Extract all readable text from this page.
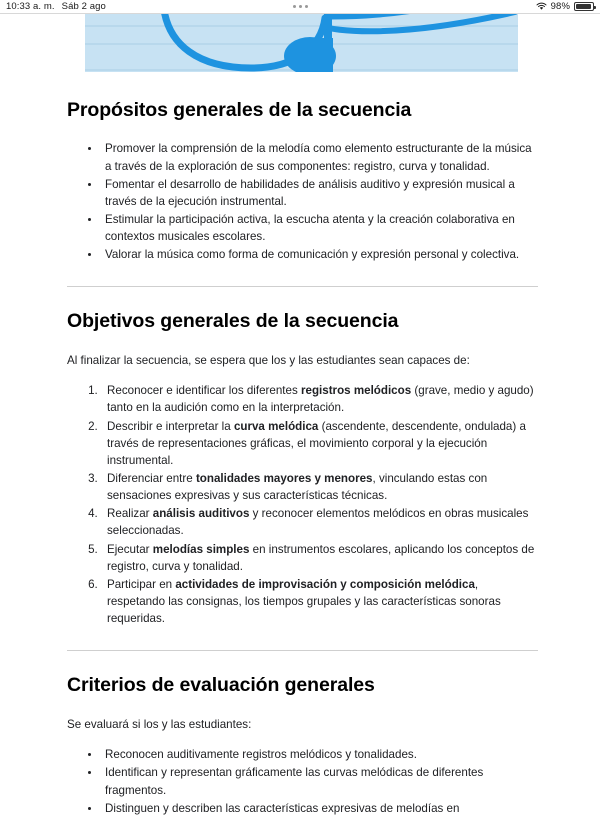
10:33 a. m. Sáb 2 ago	98%
Propósitos generales de la secuencia
• Promover la comprensión de la melodía como elemento estructurante de la música a través de la exploración de sus componentes: registro, curva y tonalidad.
• Fomentar el desarrollo de habilidades de análisis auditivo y expresión musical a través de la ejecución instrumental.
• Estimular la participación activa, la escucha atenta y la creación colaborativa en contextos musicales escolares.
• Valorar la música como forma de comunicación y expresión personal y colectiva.
Objetivos generales de la secuencia

Al finalizar la secuencia, se espera que los y las estudiantes sean capaces de:

1. Reconocer e identificar los diferentes registros melódicos (grave, medio y agudo) tanto en la audición como en la interpretación.
2. Describir e interpretar la curva melódica (ascendente, descendente, ondulada) a través de representaciones gráficas, el movimiento corporal y la ejecución instrumental.
3. Diferenciar entre tonalidades mayores y menores, vinculando estas con sensaciones expresivas y sus características técnicas.
4. Realizar análisis auditivos y reconocer elementos melódicos en obras musicales seleccionadas.
5. Ejecutar melodías simples en instrumentos escolares, aplicando los conceptos de registro, curva y tonalidad.
6. Participar en actividades de improvisación y composición melódica, respetando las consignas, los tiempos grupales y las características sonoras requeridas.
Criterios de evaluación generales

Se evaluará si los y las estudiantes:

• Reconocen auditivamente registros melódicos y tonalidades.
• Identifican y representan gráficamente las curvas melódicas de diferentes fragmentos.
• Distinguen y describen las características expresivas de melodías en
